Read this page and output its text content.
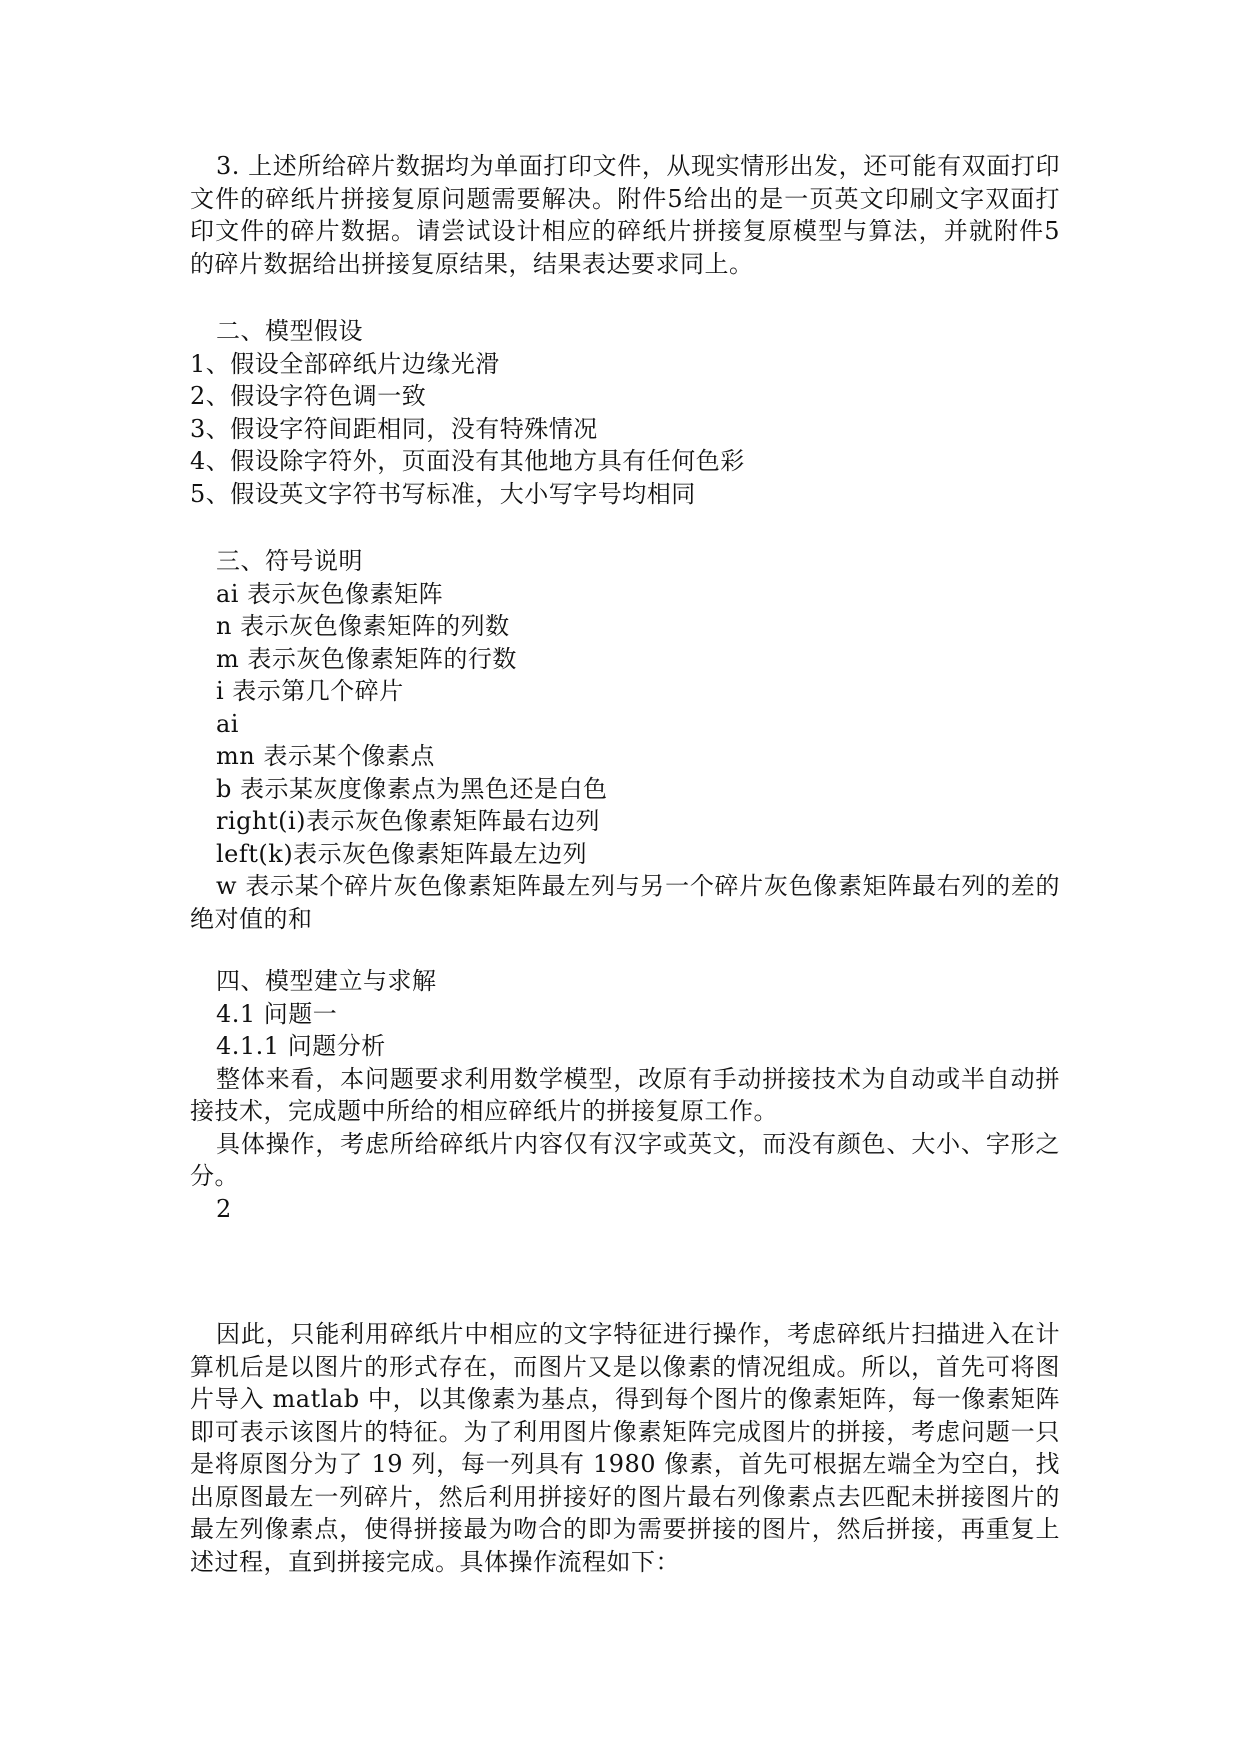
3. 上述所给碎片数据均为单面打印文件，从现实情形出发，还可能有双面打印文件的碎纸片拼接复原问题需要解决。附件5给出的是一页英文印刷文字双面打印文件的碎片数据。请尝试设计相应的碎纸片拼接复原模型与算法，并就附件5的碎片数据给出拼接复原结果，结果表达要求同上。

二、模型假设
1、假设全部碎纸片边缘光滑
2、假设字符色调一致
3、假设字符间距相同，没有特殊情况
4、假设除字符外，页面没有其他地方具有任何色彩
5、假设英文字符书写标准，大小写字号均相同
三、符号说明
ai 表示灰色像素矩阵
n 表示灰色像素矩阵的列数
m 表示灰色像素矩阵的行数
i 表示第几个碎片
ai
mn 表示某个像素点
b 表示某灰度像素点为黑色还是白色
right(i)表示灰色像素矩阵最右边列
left(k)表示灰色像素矩阵最左边列

w 表示某个碎片灰色像素矩阵最左列与另一个碎片灰色像素矩阵最右列的差的绝对值的和

四、模型建立与求解
4.1 问题一
4.1.1 问题分析

整体来看，本问题要求利用数学模型，改原有手动拼接技术为自动或半自动拼接技术，完成题中所给的相应碎纸片的拼接复原工作。

具体操作，考虑所给碎纸片内容仅有汉字或英文，而没有颜色、大小、字形之分。

2

因此，只能利用碎纸片中相应的文字特征进行操作，考虑碎纸片扫描进入在计算机后是以图片的形式存在，而图片又是以像素的情况组成。所以，首先可将图片导入 matlab 中，以其像素为基点，得到每个图片的像素矩阵，每一像素矩阵即可表示该图片的特征。为了利用图片像素矩阵完成图片的拼接，考虑问题一只是将原图分为了 19 列，每一列具有 1980 像素，首先可根据左端全为空白，找出原图最左一列碎片，然后利用拼接好的图片最右列像素点去匹配未拼接图片的最左列像素点，使得拼接最为吻合的即为需要拼接的图片，然后拼接，再重复上述过程，直到拼接完成。具体操作流程如下：
